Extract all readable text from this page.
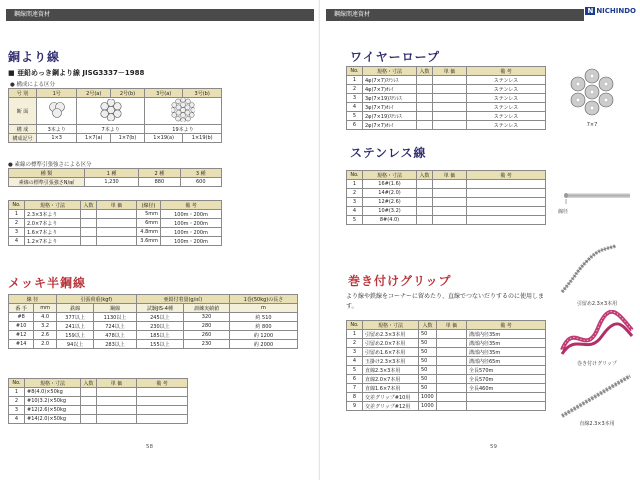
鋼線関連資材
銅より線
■ 亜鉛めっき鋼より線 JISG3337－1988
● 構成による区分
号 別	1号	2号(a)	2号(b)	3号(a)	3号(b)
断 面			
構 成	3本より	7本より		19本より	
構成記号	1×3	1×7(a)	1×7(b)	1×19(a)	1×19(b)
● 素線の標準引張強さによる区分
種 類	1 種	2 種	3 種
素線の標準引張強さN/㎟	1,230	880	600
No.	規格・寸法	入数	単 価	(線径)	備 考
1	2.3×3本より			5mm	100m・200m
2	2.0×7本より			6mm	100m・200m
3	1.6×7本より			4.8mm	100m・200m
4	1.2×7本より			3.6mm	100m・200m
メッキ半鋼線
線 径		引張荷重(kgf)		亜鉛付着量(g/㎡)		1巻(50kg)の長さ
番 手	mm	鉄線	鋼線	試験JIS-4種	訓練実績値	m
#8	4.0	377以上	1130以上	245以上	320	約 510
#10	3.2	241以上	724以上	230以上	280	約 800
#12	2.6	159以上	478以上	185以上	260	約 1200
#14	2.0	94以上	283以上	155以上	230	約 2000
No.	規格・寸法	入数	単 価	備 考
1	#8(4.0)×50kg			
2	#10(3.2)×50kg			
3	#12(2.6)×50kg			
4	#14(2.0)×50kg			
58
鋼線関連資材	N NICHINDO
ワイヤーロープ
No.	規格・寸法	入数	単 価	備 考
1	4φ(7×7)ｽﾃﾝﾚｽ			ステンレス
2	4φ(7×7)ｵﾚｲ			ステンレス
3	3φ(7×19)ｽﾃﾝﾚｽ			ステンレス
4	3φ(7×7)ｵﾚｲ			ステンレス
5	2φ(7×19)ｽﾃﾝﾚｽ			ステンレス
6	2φ(7×7)ｵﾚｲ			ステンレス	7×7
ステンレス線
No.	規格・寸法	入数	単 価	備 考
1	16#(1.6)			
2	14#(2.0)			
3	12#(2.6)			
4	10#(3.2)			
5	8#(4.0)			
線径
巻き付けグリップ
より線や鉄線をコーナーに留めたり、直線でつないだりするのに使用します。
No.	規格・寸法	入数	単 価	備 考
1	引留め2.3×3本用	50		溝部内径35m
2	引留め2.0×7本用	50		溝部内径35m
3	引留め1.6×7本用	50		溝部内径35m
4	玉掛け2.3×3本用	50		溝部内径65m
5	直線2.3×3本用	50		全長570m
6	直線2.0×7本用	50		全長570m
7	直線1.6×7本用	50		全長460m
8	交差グリップ#10用	1000		
9	交差グリップ#12用	1000		
引留め2.3×3本用
巻き付けグリップ
直線2.3×3本用
59
